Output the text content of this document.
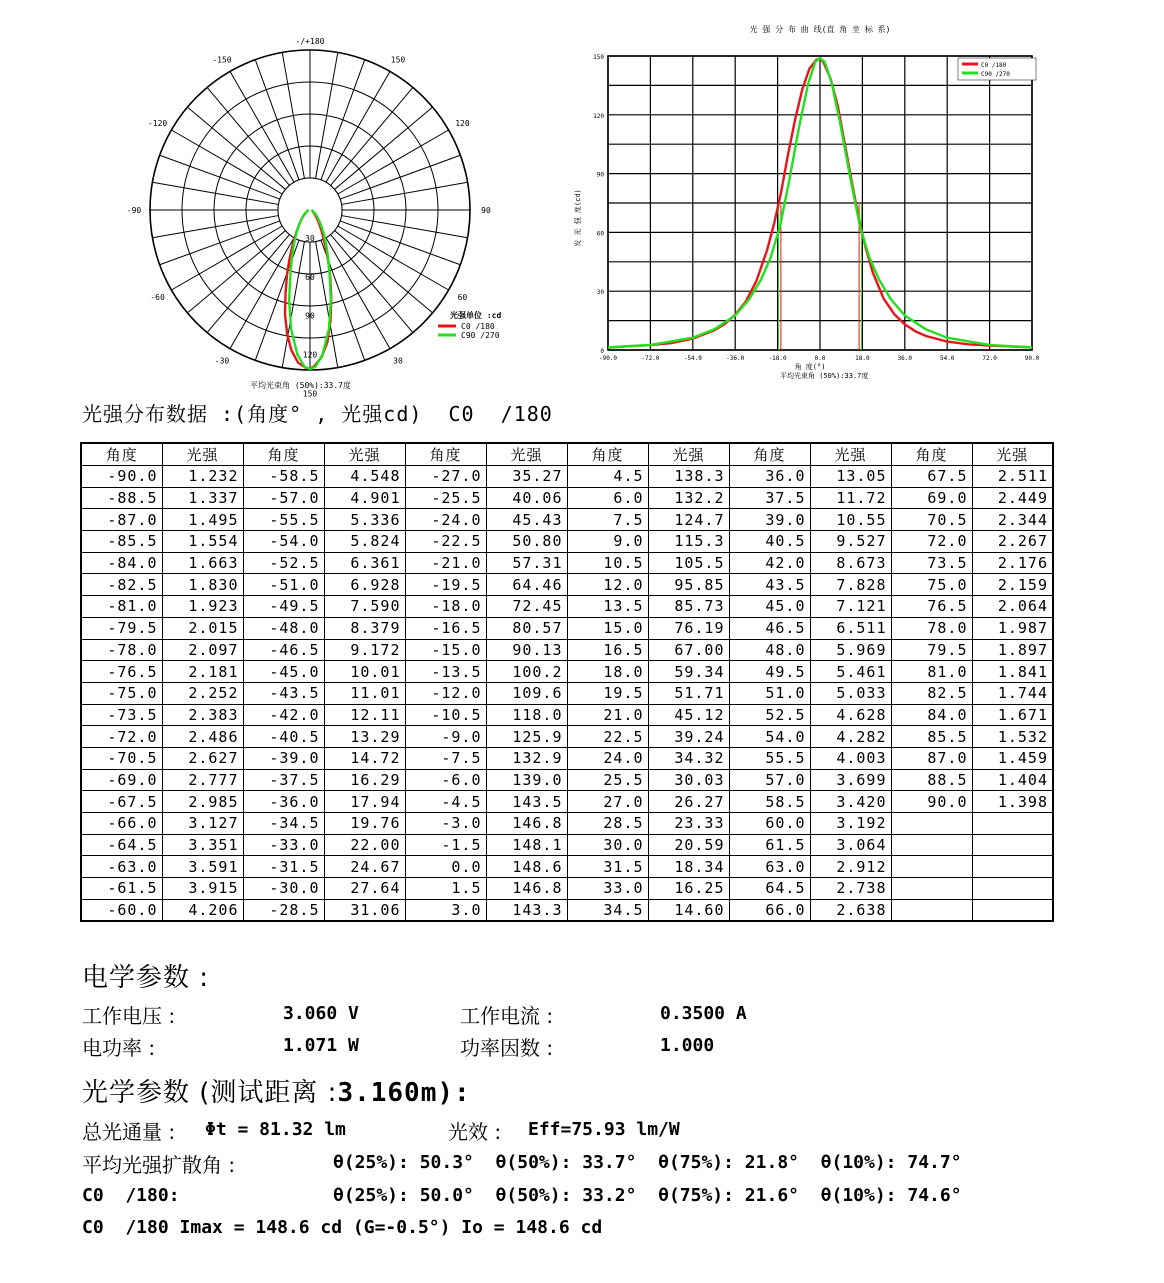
-/+180
-150	150
-120	120
-90	90
-60	60
-30	30
30
60
90
120
150
光强单位 :cd
C0 /180
C90 /270
平均光束角 (50%):33.7度
光 强 分 布 曲 线(直 角 坐 标 系)
150
120
90
60
30
0
-90.0	-72.0	-54.0	-36.0	-18.0	0.0	18.0	36.0	54.0	72.0	90.0
发 光 强 度(cd)
角 度(°)
平均光束角 (50%):33.7度
C0 /180
C90 /270
光强分布数据 :(角度° , 光强cd)  C0  /180
角度	光强	角度	光强	角度	光强	角度	光强	角度	光强	角度	光强
-90.0	1.232	-58.5	4.548	-27.0	35.27	4.5	138.3	36.0	13.05	67.5	2.511
-88.5	1.337	-57.0	4.901	-25.5	40.06	6.0	132.2	37.5	11.72	69.0	2.449
-87.0	1.495	-55.5	5.336	-24.0	45.43	7.5	124.7	39.0	10.55	70.5	2.344
-85.5	1.554	-54.0	5.824	-22.5	50.80	9.0	115.3	40.5	9.527	72.0	2.267
-84.0	1.663	-52.5	6.361	-21.0	57.31	10.5	105.5	42.0	8.673	73.5	2.176
-82.5	1.830	-51.0	6.928	-19.5	64.46	12.0	95.85	43.5	7.828	75.0	2.159
-81.0	1.923	-49.5	7.590	-18.0	72.45	13.5	85.73	45.0	7.121	76.5	2.064
-79.5	2.015	-48.0	8.379	-16.5	80.57	15.0	76.19	46.5	6.511	78.0	1.987
-78.0	2.097	-46.5	9.172	-15.0	90.13	16.5	67.00	48.0	5.969	79.5	1.897
-76.5	2.181	-45.0	10.01	-13.5	100.2	18.0	59.34	49.5	5.461	81.0	1.841
-75.0	2.252	-43.5	11.01	-12.0	109.6	19.5	51.71	51.0	5.033	82.5	1.744
-73.5	2.383	-42.0	12.11	-10.5	118.0	21.0	45.12	52.5	4.628	84.0	1.671
-72.0	2.486	-40.5	13.29	-9.0	125.9	22.5	39.24	54.0	4.282	85.5	1.532
-70.5	2.627	-39.0	14.72	-7.5	132.9	24.0	34.32	55.5	4.003	87.0	1.459
-69.0	2.777	-37.5	16.29	-6.0	139.0	25.5	30.03	57.0	3.699	88.5	1.404
-67.5	2.985	-36.0	17.94	-4.5	143.5	27.0	26.27	58.5	3.420	90.0	1.398
-66.0	3.127	-34.5	19.76	-3.0	146.8	28.5	23.33	60.0	3.192		
-64.5	3.351	-33.0	22.00	-1.5	148.1	30.0	20.59	61.5	3.064		
-63.0	3.591	-31.5	24.67	0.0	148.6	31.5	18.34	63.0	2.912		
-61.5	3.915	-30.0	27.64	1.5	146.8	33.0	16.25	64.5	2.738		
-60.0	4.206	-28.5	31.06	3.0	143.3	34.5	14.60	66.0	2.638		
电学参数 :
工作电压 :	3.060 V	工作电流 :	0.3500 A
电功率 :	1.071 W	功率因数 :	1.000
光学参数 (测试距离 :3.160m):
总光通量 : Φt = 81.32 lm	光效 : Eff=75.93 lm/W
平均光强扩散角 :	θ(25%): 50.3°  θ(50%): 33.7°  θ(75%): 21.8°  θ(10%): 74.7°
C0  /180:	θ(25%): 50.0°  θ(50%): 33.2°  θ(75%): 21.6°  θ(10%): 74.6°
C0  /180 Imax = 148.6 cd (G=-0.5°) Io = 148.6 cd
